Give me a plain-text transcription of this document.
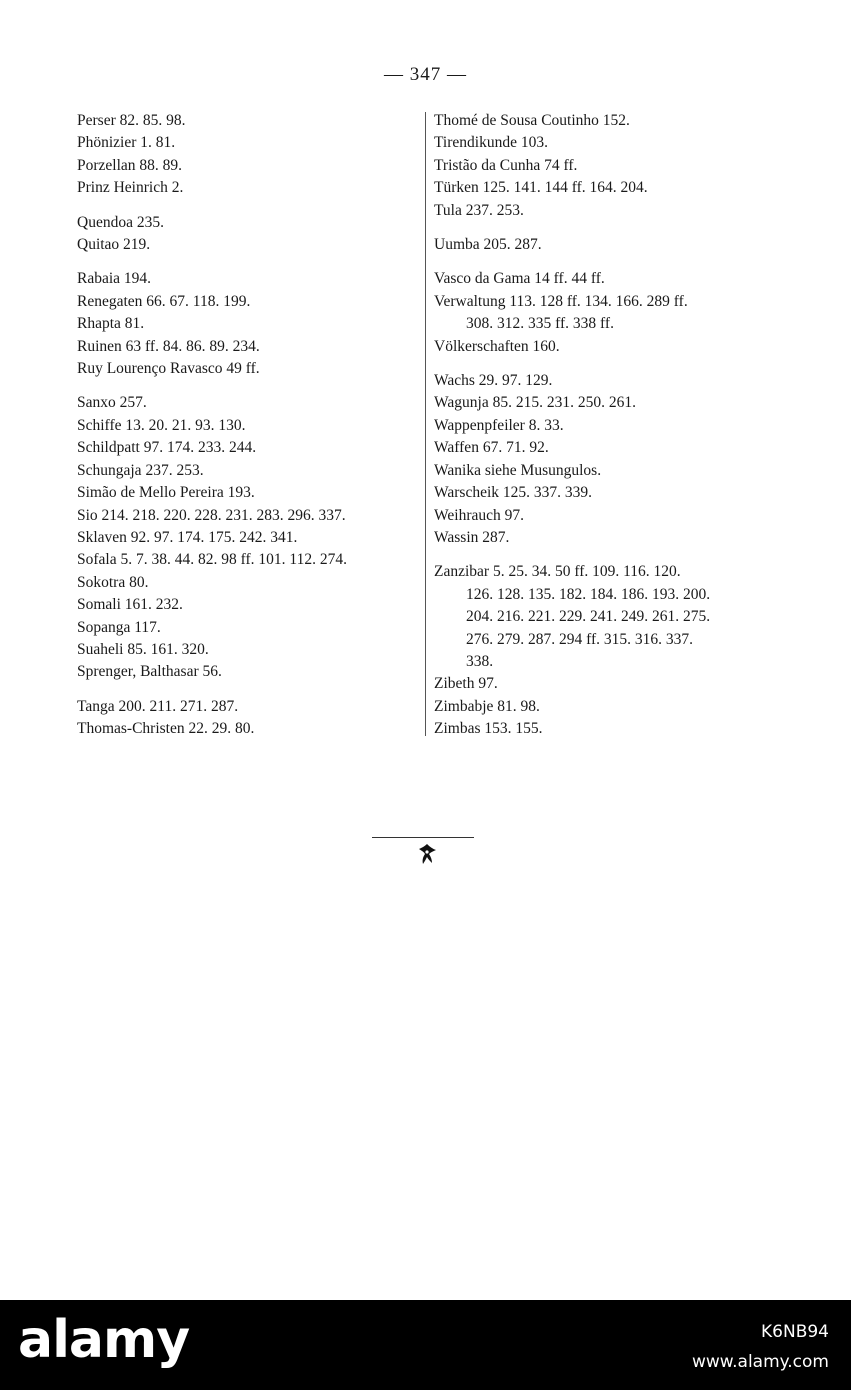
— 347 —
Perser 82. 85. 98.
Phönizier 1. 81.
Porzellan 88. 89.
Prinz Heinrich 2.
Quendoa 235.
Quitao 219.
Rabaia 194.
Renegaten 66. 67. 118. 199.
Rhapta 81.
Ruinen 63 ff. 84. 86. 89. 234.
Ruy Lourenço Ravasco 49 ff.
Sanxo 257.
Schiffe 13. 20. 21. 93. 130.
Schildpatt 97. 174. 233. 244.
Schungaja 237. 253.
Simão de Mello Pereira 193.
Sio 214. 218. 220. 228. 231. 283. 296. 337.
Sklaven 92. 97. 174. 175. 242. 341.
Sofala 5. 7. 38. 44. 82. 98 ff. 101. 112. 274.
Sokotra 80.
Somali 161. 232.
Sopanga 117.
Suaheli 85. 161. 320.
Sprenger, Balthasar 56.
Tanga 200. 211. 271. 287.
Thomas-Christen 22. 29. 80.
Thomé de Sousa Coutinho 152.
Tirendikunde 103.
Tristão da Cunha 74 ff.
Türken 125. 141. 144 ff. 164. 204.
Tula 237. 253.
Uumba 205. 287.
Vasco da Gama 14 ff. 44 ff.
Verwaltung 113. 128 ff. 134. 166. 289 ff.
308. 312. 335 ff. 338 ff.
Völkerschaften 160.
Wachs 29. 97. 129.
Wagunja 85. 215. 231. 250. 261.
Wappenpfeiler 8. 33.
Waffen 67. 71. 92.
Wanika siehe Musungulos.
Warscheik 125. 337. 339.
Weihrauch 97.
Wassin 287.
Zanzibar 5. 25. 34. 50 ff. 109. 116. 120.
126. 128. 135. 182. 184. 186. 193. 200.
204. 216. 221. 229. 241. 249. 261. 275.
276. 279. 287. 294 ff. 315. 316. 337.
338.
Zibeth 97.
Zimbabje 81. 98.
Zimbas 153. 155.
alamy	K6NB94
www.alamy.com
